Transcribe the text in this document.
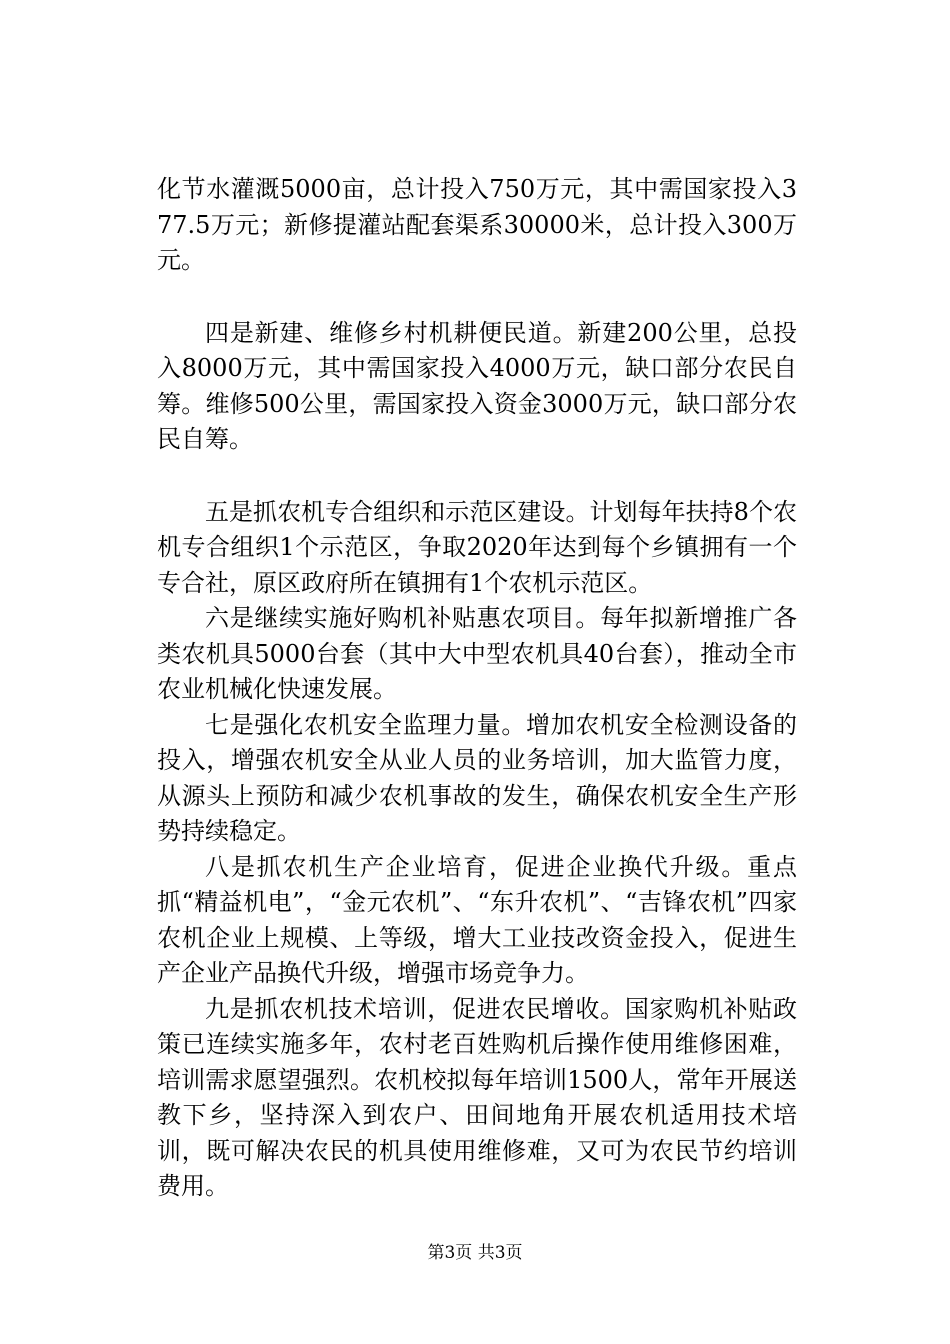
化节水灌溉5000亩，总计投入750万元，其中需国家投入377.5万元；新修提灌站配套渠系30000米，总计投入300万元。

四是新建、维修乡村机耕便民道。新建200公里，总投入8000万元，其中需国家投入4000万元，缺口部分农民自筹。维修500公里，需国家投入资金3000万元，缺口部分农民自筹。

五是抓农机专合组织和示范区建设。计划每年扶持8个农机专合组织1个示范区，争取2020年达到每个乡镇拥有一个专合社，原区政府所在镇拥有1个农机示范区。

六是继续实施好购机补贴惠农项目。每年拟新增推广各类农机具5000台套（其中大中型农机具40台套），推动全市农业机械化快速发展。

七是强化农机安全监理力量。增加农机安全检测设备的投入，增强农机安全从业人员的业务培训，加大监管力度，从源头上预防和减少农机事故的发生，确保农机安全生产形势持续稳定。

八是抓农机生产企业培育，促进企业换代升级。重点抓“精益机电”，“金元农机”、“东升农机”、“吉锋农机”四家农机企业上规模、上等级，增大工业技改资金投入，促进生产企业产品换代升级，增强市场竞争力。

九是抓农机技术培训，促进农民增收。国家购机补贴政策已连续实施多年，农村老百姓购机后操作使用维修困难，培训需求愿望强烈。农机校拟每年培训1500人，常年开展送教下乡，坚持深入到农户、田间地角开展农机适用技术培训，既可解决农民的机具使用维修难，又可为农民节约培训费用。

第3页 共3页
